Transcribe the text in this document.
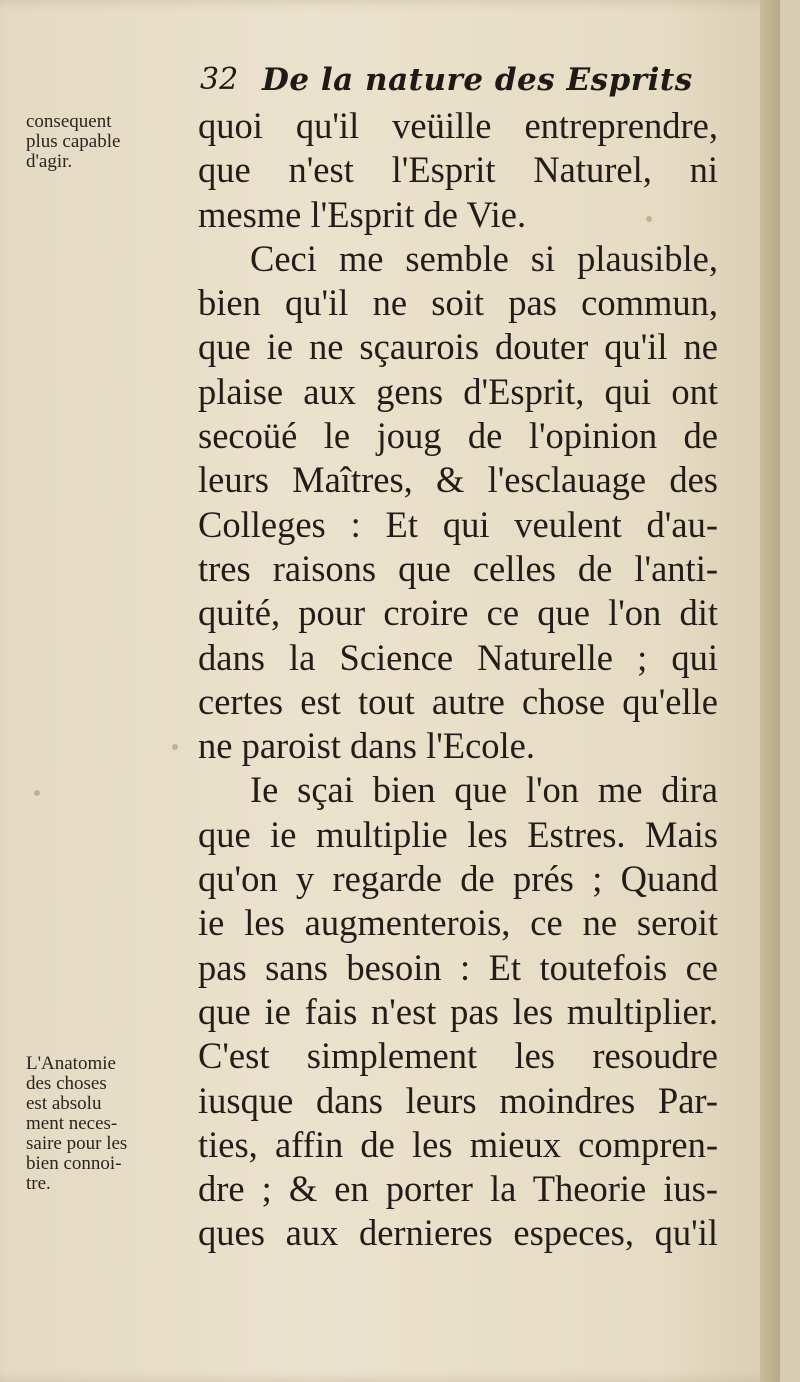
32 De la nature des Esprits
consequent
plus capable
d'agir.
L'Anatomie
des choses
est absolu
ment neces-
saire pour les
bien connoi-
tre.
quoi qu'il veüille entreprendre,
que n'est l'Esprit Naturel, ni
mesme l'Esprit de Vie.
Ceci me semble si plausible,
bien qu'il ne soit pas commun,
que ie ne sçaurois douter qu'il ne
plaise aux gens d'Esprit, qui ont
secoüé le joug de l'opinion de
leurs Maîtres, & l'esclauage des
Colleges : Et qui veulent d'au-
tres raisons que celles de l'anti-
quité, pour croire ce que l'on dit
dans la Science Naturelle ; qui
certes est tout autre chose qu'elle
ne paroist dans l'Ecole.
Ie sçai bien que l'on me dira
que ie multiplie les Estres. Mais
qu'on y regarde de prés ; Quand
ie les augmenterois, ce ne seroit
pas sans besoin : Et toutefois ce
que ie fais n'est pas les multiplier.
C'est simplement les resoudre
iusque dans leurs moindres Par-
ties, affin de les mieux compren-
dre ; & en porter la Theorie ius-
ques aux dernieres especes, qu'il
